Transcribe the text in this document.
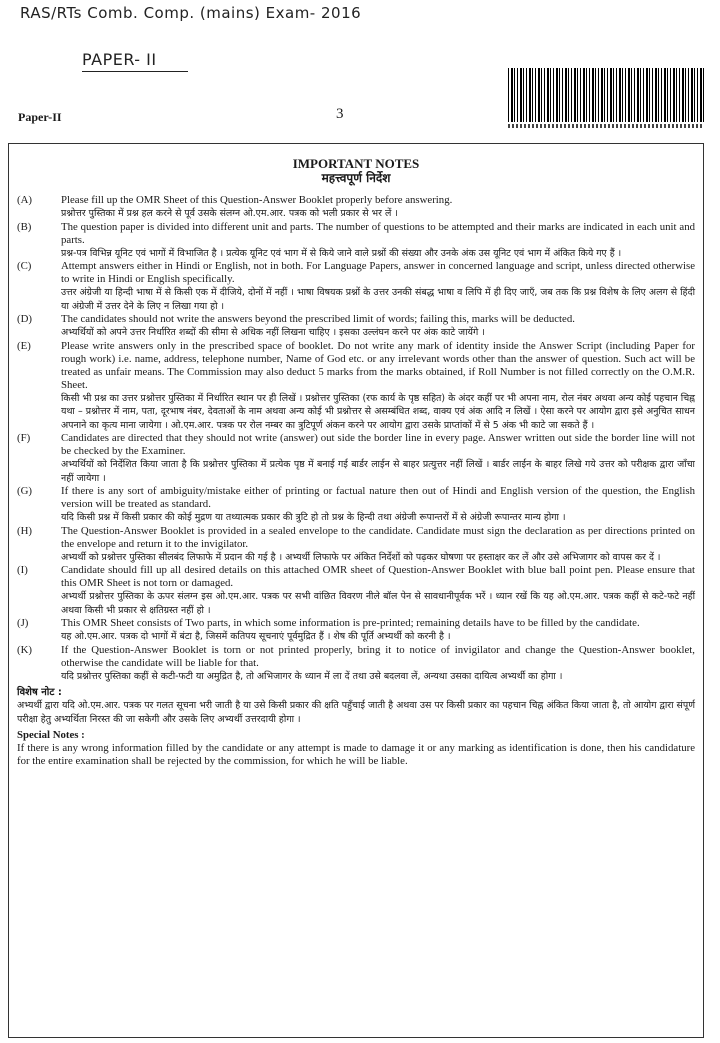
RAS/RTs Comb. Comp. (mains) Exam- 2016
PAPER- II
Paper-II	3
IMPORTANT NOTES
महत्त्वपूर्ण निर्देश
(A)	Please fill up the OMR Sheet of this Question-Answer Booklet properly before answering.
प्रश्नोत्तर पुस्तिका में प्रश्न हल करने से पूर्व उसके संलग्न ओ.एम.आर. पत्रक को भली प्रकार से भर लें ।
(B)	The question paper is divided into different unit and parts. The number of questions to be attempted and their marks are indicated in each unit and parts.
प्रश्न-पत्र विभिन्न यूनिट एवं भागों में विभाजित है । प्रत्येक यूनिट एवं भाग में से किये जाने वाले प्रश्नों की संख्या और उनके अंक उस यूनिट एवं भाग में अंकित किये गए हैं ।
(C)	Attempt answers either in Hindi or English, not in both. For Language Papers, answer in concerned language and script, unless directed otherwise to write in Hindi or English specifically.
उत्तर अंग्रेजी या हिन्दी भाषा में से किसी एक में दीजिये, दोनों में नहीं । भाषा विषयक प्रश्नों के उत्तर उनकी संबद्ध भाषा व लिपि में ही दिए जाएँ, जब तक कि प्रश्न विशेष के लिए अलग से हिंदी या अंग्रेजी में उत्तर देने के लिए न लिखा गया हो ।
(D)	The candidates should not write the answers beyond the prescribed limit of words; failing this, marks will be deducted.
अभ्यर्थियों को अपने उत्तर निर्धारित शब्दों की सीमा से अधिक नहीं लिखना चाहिए । इसका उल्लंघन करने पर अंक काटे जायेंगे ।
(E)	Please write answers only in the prescribed space of booklet. Do not write any mark of identity inside the Answer Script (including Paper for rough work) i.e. name, address, telephone number, Name of God etc. or any irrelevant words other than the answer of question. Such act will be treated as unfair means. The Commission may also deduct 5 marks from the marks obtained, if Roll Number is not filled correctly on the O.M.R. Sheet.
किसी भी प्रश्न का उत्तर प्रश्नोत्तर पुस्तिका में निर्धारित स्थान पर ही लिखें । प्रश्नोत्तर पुस्तिका (रफ कार्य के पृष्ठ सहित) के अंदर कहीं पर भी अपना नाम, रोल नंबर अथवा अन्य कोई पहचान चिह्न यथा – प्रश्नोत्तर में नाम, पता, दूरभाष नंबर, देवताओं के नाम अथवा अन्य कोई भी प्रश्नोत्तर से असम्बंधित शब्द, वाक्य एवं अंक आदि न लिखें । ऐसा करने पर आयोग द्वारा इसे अनुचित साधन अपनाने का कृत्य माना जायेगा । ओ.एम.आर. पत्रक पर रोल नम्बर का त्रुटिपूर्ण अंकन करने पर आयोग द्वारा उसके प्राप्तांकों में से 5 अंक भी काटे जा सकते हैं ।
(F)	Candidates are directed that they should not write (answer) out side the border line in every page. Answer written out side the border line will not be checked by the Examiner.
अभ्यर्थियों को निर्देशित किया जाता है कि प्रश्नोत्तर पुस्तिका में प्रत्येक पृष्ठ में बनाई गई बार्डर लाईन से बाहर प्रत्युत्तर नहीं लिखें । बार्डर लाईन के बाहर लिखे गये उत्तर को परीक्षक द्वारा जाँचा नहीं जायेगा ।
(G)	If there is any sort of ambiguity/mistake either of printing or factual nature then out of Hindi and English version of the question, the English version will be treated as standard.
यदि किसी प्रश्न में किसी प्रकार की कोई मुद्रण या तथ्यात्मक प्रकार की त्रुटि हो तो प्रश्न के हिन्दी तथा अंग्रेजी रूपान्तरों में से अंग्रेजी रूपान्तर मान्य होगा ।
(H)	The Question-Answer Booklet is provided in a sealed envelope to the candidate. Candidate must sign the declaration as per directions printed on the envelope and return it to the invigilator.
अभ्यर्थी को प्रश्नोत्तर पुस्तिका सीलबंद लिफाफे में प्रदान की गई है । अभ्यर्थी लिफाफे पर अंकित निर्देशों को पढ़कर घोषणा पर हस्ताक्षर कर लें और उसे अभिजागर को वापस कर दें ।
(I)	Candidate should fill up all desired details on this attached OMR sheet of Question-Answer Booklet with blue ball point pen. Please ensure that this OMR Sheet is not torn or damaged.
अभ्यर्थी प्रश्नोत्तर पुस्तिका के ऊपर संलग्न इस ओ.एम.आर. पत्रक पर सभी वांछित विवरण नीले बॉल पेन से सावधानीपूर्वक भरें । ध्यान रखें कि यह ओ.एम.आर. पत्रक कहीं से कटे-फटे नहीं अथवा किसी भी प्रकार से क्षतिग्रस्त नहीं हो ।
(J)	This OMR Sheet consists of Two parts, in which some information is pre-printed; remaining details have to be filled by the candidate.
यह ओ.एम.आर. पत्रक दो भागों में बंटा है, जिसमें कतिपय सूचनाएं पूर्वमुद्रित हैं । शेष की पूर्ति अभ्यर्थी को करनी है ।
(K)	If the Question-Answer Booklet is torn or not printed properly, bring it to notice of invigilator and change the Question-Answer booklet, otherwise the candidate will be liable for that.
यदि प्रश्नोत्तर पुस्तिका कहीं से कटी-फटी या अमुद्रित है, तो अभिजागर के ध्यान में ला दें तथा उसे बदलवा लें, अन्यथा उसका दायित्व अभ्यर्थी का होगा ।
विशेष नोट :
अभ्यर्थी द्वारा यदि ओ.एम.आर. पत्रक पर गलत सूचना भरी जाती है या उसे किसी प्रकार की क्षति पहुँचाई जाती है अथवा उस पर किसी प्रकार का पहचान चिह्न अंकित किया जाता है, तो आयोग द्वारा संपूर्ण परीक्षा हेतु अभ्यर्थिता निरस्त की जा सकेगी और उसके लिए अभ्यर्थी उत्तरदायी होगा ।
Special Notes :
If there is any wrong information filled by the candidate or any attempt is made to damage it or any marking as identification is done, then his candidature for the entire examination shall be rejected by the commission, for which he will be liable.
